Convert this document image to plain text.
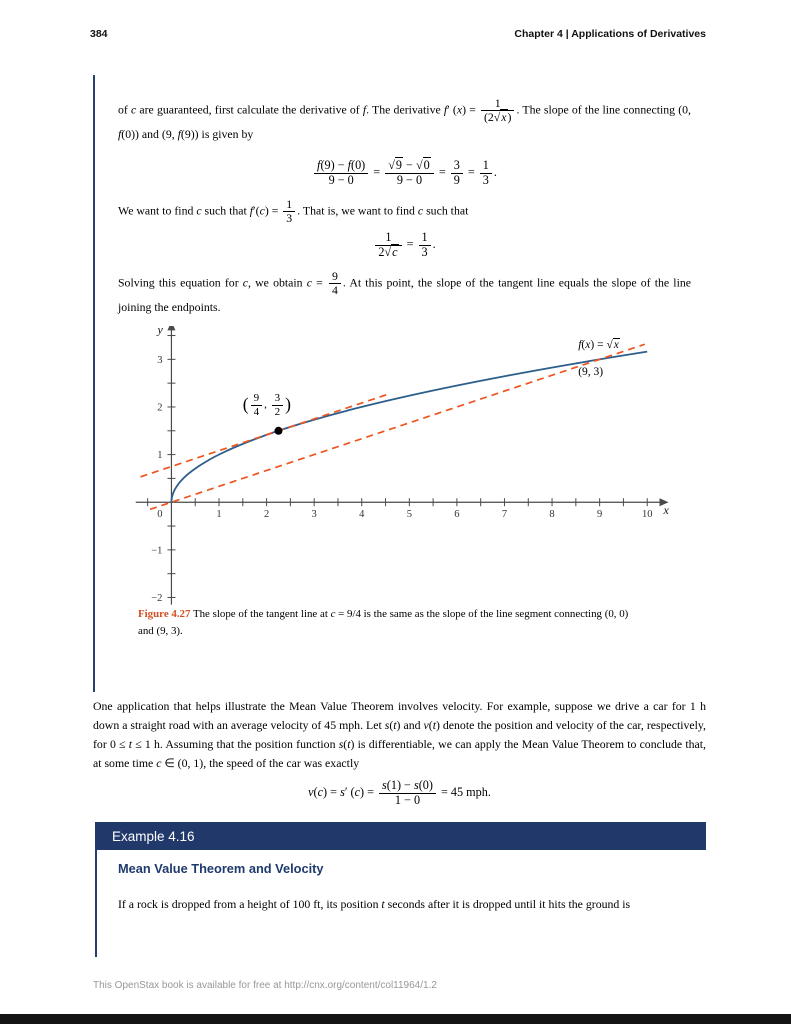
384	Chapter 4 | Applications of Derivatives
of c are guaranteed, first calculate the derivative of f. The derivative f′ $(x) = \frac{1}{(2√x)}$ . The slope of the line connecting (0, f(0)) and (9, f(9)) is given by
$\frac{f(9) - f(0)}{9 - 0} = \frac{√9 - √0}{9 - 0} = \frac{3}{9} = \frac{1}{3}$ .
We want to find c such that $f'(c) = \frac{1}{3}$ . That is, we want to find c such that
$\frac{1}{2√c} = \frac{1}{3}$ .
Solving this equation for c, we obtain $c = \frac{9}{4}$ . At this point, the slope of the tangent line equals the slope of the line joining the endpoints.
1	2	3	4	5	6	7	8	9	10
0
−2
−1
1
2
3
x
y
f(x) = √x
(9, 3)
( $\frac{9}{4}$ , $\frac{3}{2}$ )
Figure 4.27 The slope of the tangent line at c = 9/4 is the same as the slope of the line segment connecting (0, 0) and (9, 3).
One application that helps illustrate the Mean Value Theorem involves velocity. For example, suppose we drive a car for 1 h down a straight road with an average velocity of 45 mph. Let s(t) and v(t) denote the position and velocity of the car, respectively, for 0 ≤ t ≤ 1 h. Assuming that the position function s(t) is differentiable, we can apply the Mean Value Theorem to conclude that, at some time c ∈ (0, 1), the speed of the car was exactly
v(c) = s′ $(c) = \frac{s(1) - s(0)}{1 - 0} = 45$ mph.
Example 4.16
Mean Value Theorem and Velocity
If a rock is dropped from a height of 100 ft, its position t seconds after it is dropped until it hits the ground is
This OpenStax book is available for free at http://cnx.org/content/col11964/1.2
